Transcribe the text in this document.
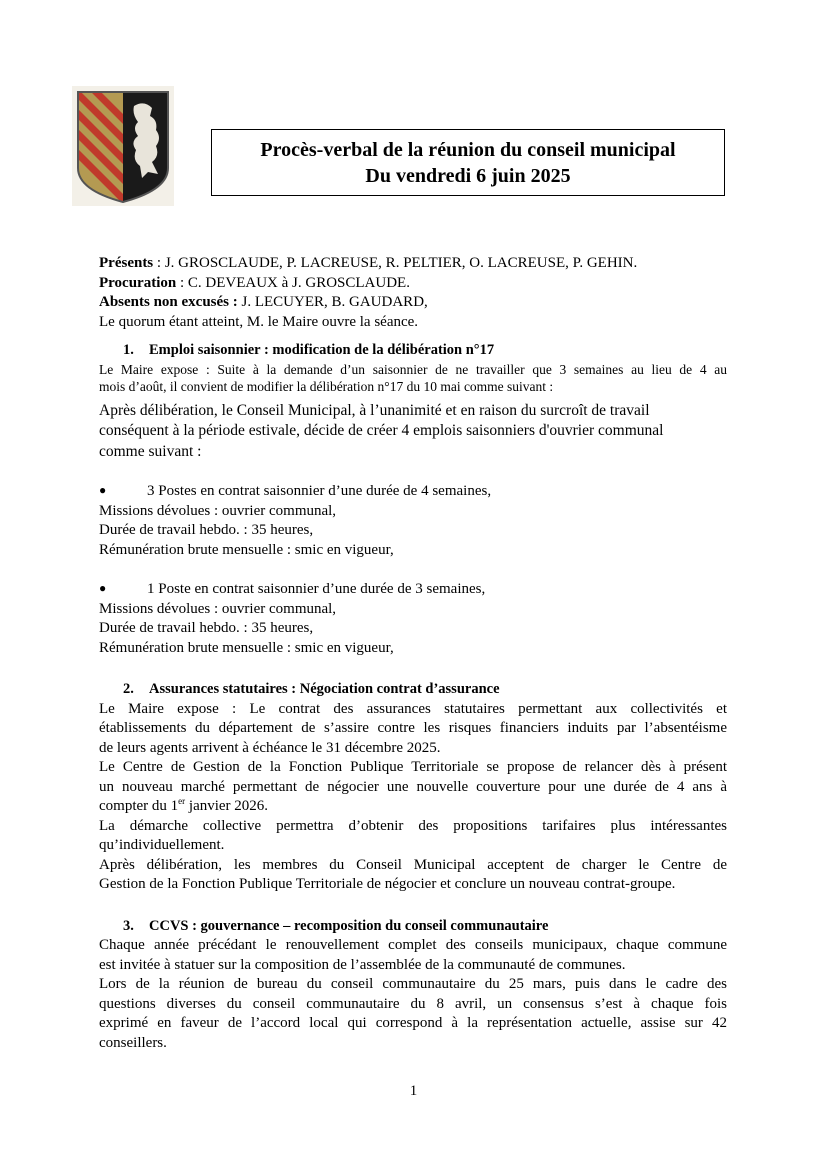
Procès-verbal de la réunion du conseil municipal
Du vendredi 6 juin 2025
Présents : J. GROSCLAUDE, P. LACREUSE, R. PELTIER, O. LACREUSE, P. GEHIN.
Procuration : C. DEVEAUX à J. GROSCLAUDE.
Absents non excusés : J. LECUYER, B. GAUDARD,
Le quorum étant atteint, M. le Maire ouvre la séance.
1. Emploi saisonnier : modification de la délibération n°17
Le Maire expose : Suite à la demande d’un saisonnier de ne travailler que 3 semaines au lieu de 4 au
mois d’août, il convient de modifier la délibération n°17 du 10 mai comme suivant :
Après délibération, le Conseil Municipal, à l’unanimité et en raison du surcroît de travail
conséquent à la période estivale, décide de créer 4 emplois saisonniers d'ouvrier communal
comme suivant :
●	3 Postes en contrat saisonnier d’une durée de 4 semaines,
Missions dévolues : ouvrier communal,
Durée de travail hebdo. : 35 heures,
Rémunération brute mensuelle : smic en vigueur,
●	1 Poste en contrat saisonnier d’une durée de 3 semaines,
Missions dévolues : ouvrier communal,
Durée de travail hebdo. : 35 heures,
Rémunération brute mensuelle : smic en vigueur,
2. Assurances statutaires : Négociation contrat d’assurance
Le Maire expose : Le contrat des assurances statutaires permettant aux collectivités et
établissements du département de s’assire contre les risques financiers induits par l’absentéisme
de leurs agents arrivent à échéance le 31 décembre 2025.
Le Centre de Gestion de la Fonction Publique Territoriale se propose de relancer dès à présent
un nouveau marché permettant de négocier une nouvelle couverture pour une durée de 4 ans à
compter du 1er janvier 2026.
La démarche collective permettra d’obtenir des propositions tarifaires plus intéressantes
qu’individuellement.
Après délibération, les membres du Conseil Municipal acceptent de charger le Centre de
Gestion de la Fonction Publique Territoriale de négocier et conclure un nouveau contrat-groupe.
3. CCVS : gouvernance – recomposition du conseil communautaire
Chaque année précédant le renouvellement complet des conseils municipaux, chaque commune
est invitée à statuer sur la composition de l’assemblée de la communauté de communes.
Lors de la réunion de bureau du conseil communautaire du 25 mars, puis dans le cadre des
questions diverses du conseil communautaire du 8 avril, un consensus s’est à chaque fois
exprimé en faveur de l’accord local qui correspond à la représentation actuelle, assise sur 42
conseillers.
1
